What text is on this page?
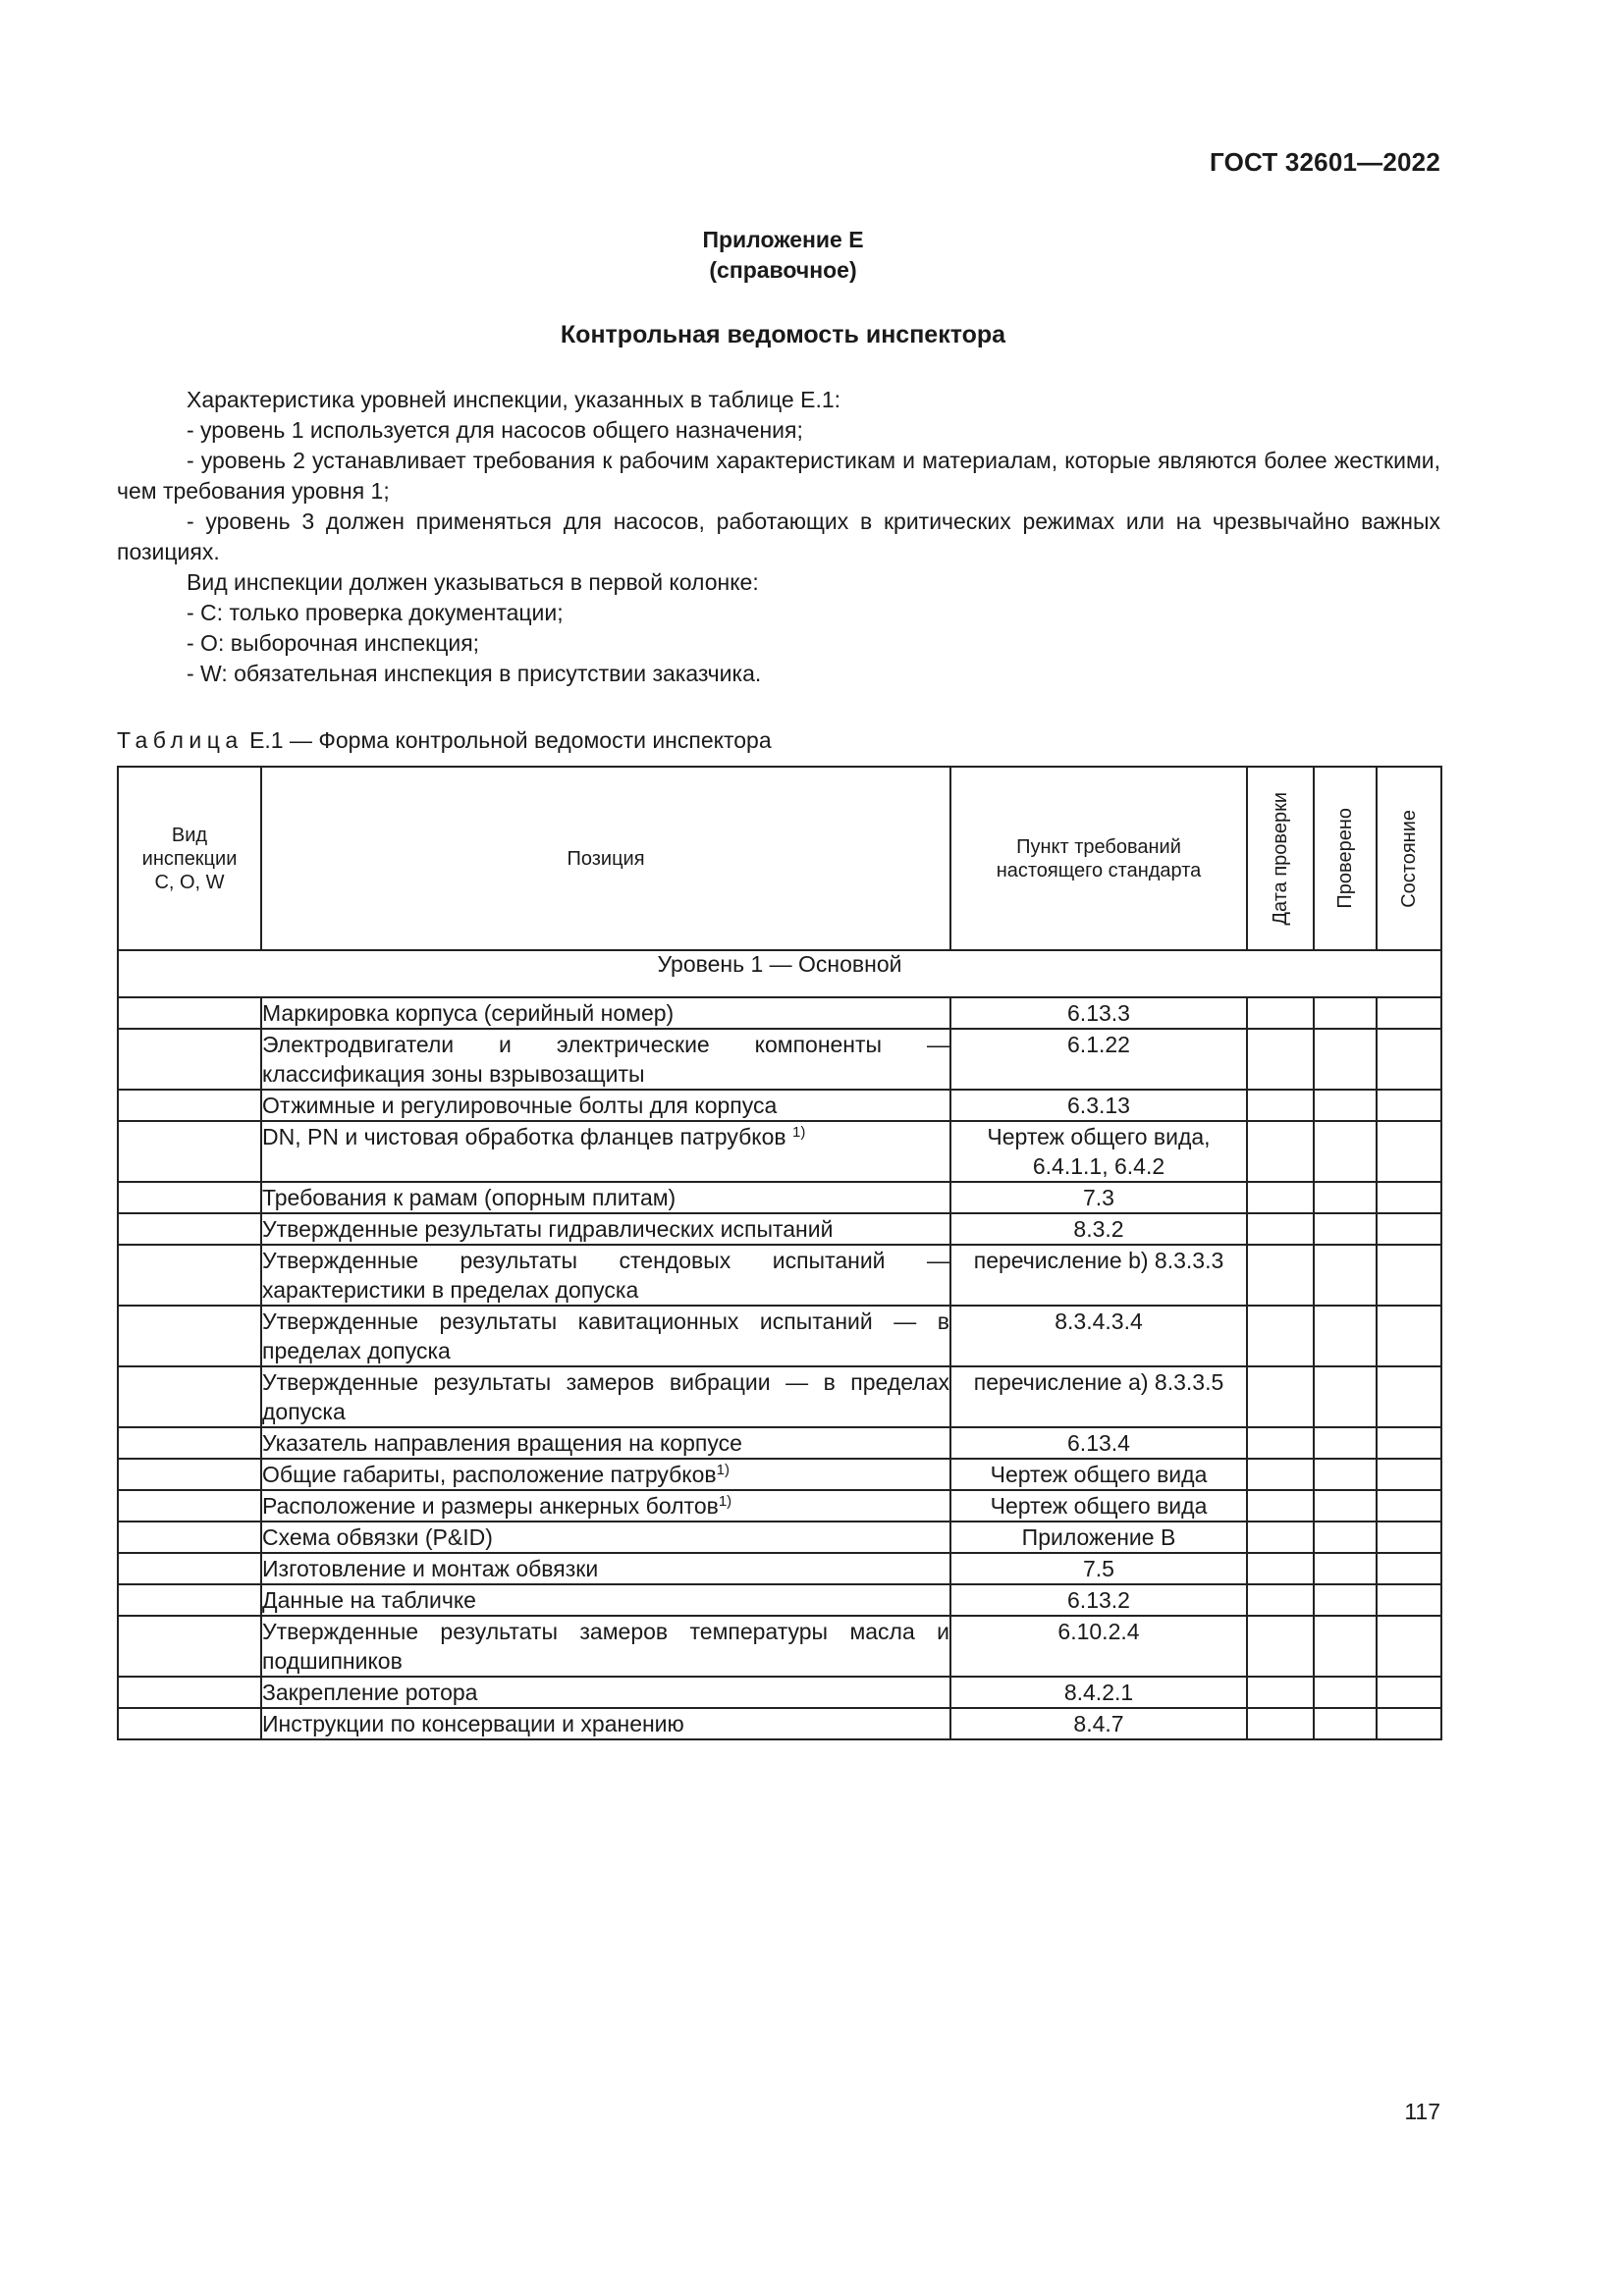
ГОСТ 32601—2022
Приложение Е
(справочное)
Контрольная ведомость инспектора

Характеристика уровней инспекции, указанных в таблице Е.1:

- уровень 1 используется для насосов общего назначения;

- уровень 2 устанавливает требования к рабочим характеристикам и материалам, которые являются более жесткими, чем требования уровня 1;

- уровень 3 должен применяться для насосов, работающих в критических режимах или на чрезвычайно важных позициях.

Вид инспекции должен указываться в первой колонке:

- С: только проверка документации;

- О: выборочная инспекция;

- W: обязательная инспекция в присутствии заказчика.

Таблица Е.1 — Форма контрольной ведомости инспектора
Вид инспекции С, О, W	Позиция	Пункт требований настоящего стандарта	Дата проверки	Проверено	Состояние

Уровень 1 — Основной					
	Маркировка корпуса (серийный номер)	6.13.3			
	Электродвигатели и электрические компоненты — классификация зоны взрывозащиты	6.1.22			
	Отжимные и регулировочные болты для корпуса	6.3.13			
	DN, PN и чистовая обработка фланцев патрубков $^{1)}$	Чертеж общего вида, 6.4.1.1, 6.4.2			
	Требования к рамам (опорным плитам)	7.3			
	Утвержденные результаты гидравлических испытаний	8.3.2			
	Утвержденные результаты стендовых испытаний — характеристики в пределах допуска	перечисление b) 8.3.3.3			
	Утвержденные результаты кавитационных испытаний — в пределах допуска	8.3.4.3.4			
	Утвержденные результаты замеров вибрации — в пределах допуска	перечисление а) 8.3.3.5			
	Указатель направления вращения на корпусе	6.13.4			
	Общие габариты, расположение патрубков$^{1)}$	Чертеж общего вида			
	Расположение и размеры анкерных болтов$^{1)}$	Чертеж общего вида			
	Схема обвязки (P&ID)	Приложение В			
	Изготовление и монтаж обвязки	7.5			
	Данные на табличке	6.13.2			
	Утвержденные результаты замеров температуры масла и подшипников	6.10.2.4			
	Закрепление ротора	8.4.2.1			
	Инструкции по консервации и хранению	8.4.7			
117
